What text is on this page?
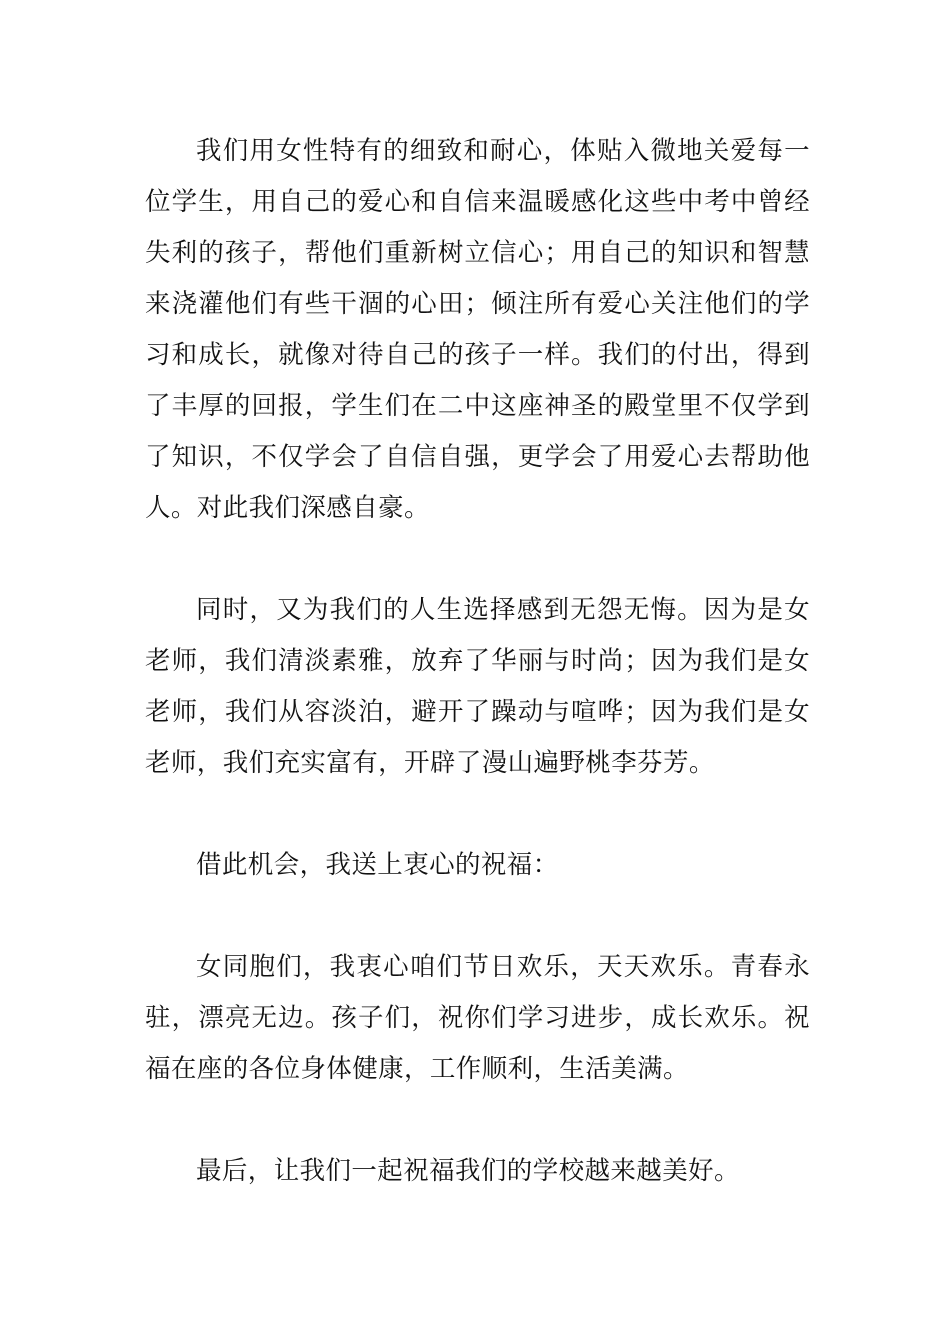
我们用女性特有的细致和耐心，体贴入微地关爱每一位学生，用自己的爱心和自信来温暖感化这些中考中曾经失利的孩子，帮他们重新树立信心；用自己的知识和智慧来浇灌他们有些干涸的心田；倾注所有爱心关注他们的学习和成长，就像对待自己的孩子一样。我们的付出，得到了丰厚的回报，学生们在二中这座神圣的殿堂里不仅学到了知识，不仅学会了自信自强，更学会了用爱心去帮助他人。对此我们深感自豪。

同时，又为我们的人生选择感到无怨无悔。因为是女老师，我们清淡素雅，放弃了华丽与时尚；因为我们是女老师，我们从容淡泊，避开了躁动与喧哗；因为我们是女老师，我们充实富有，开辟了漫山遍野桃李芬芳。

借此机会，我送上衷心的祝福：

女同胞们，我衷心咱们节日欢乐，天天欢乐。青春永驻，漂亮无边。孩子们，祝你们学习进步，成长欢乐。祝福在座的各位身体健康，工作顺利，生活美满。

最后，让我们一起祝福我们的学校越来越美好。
